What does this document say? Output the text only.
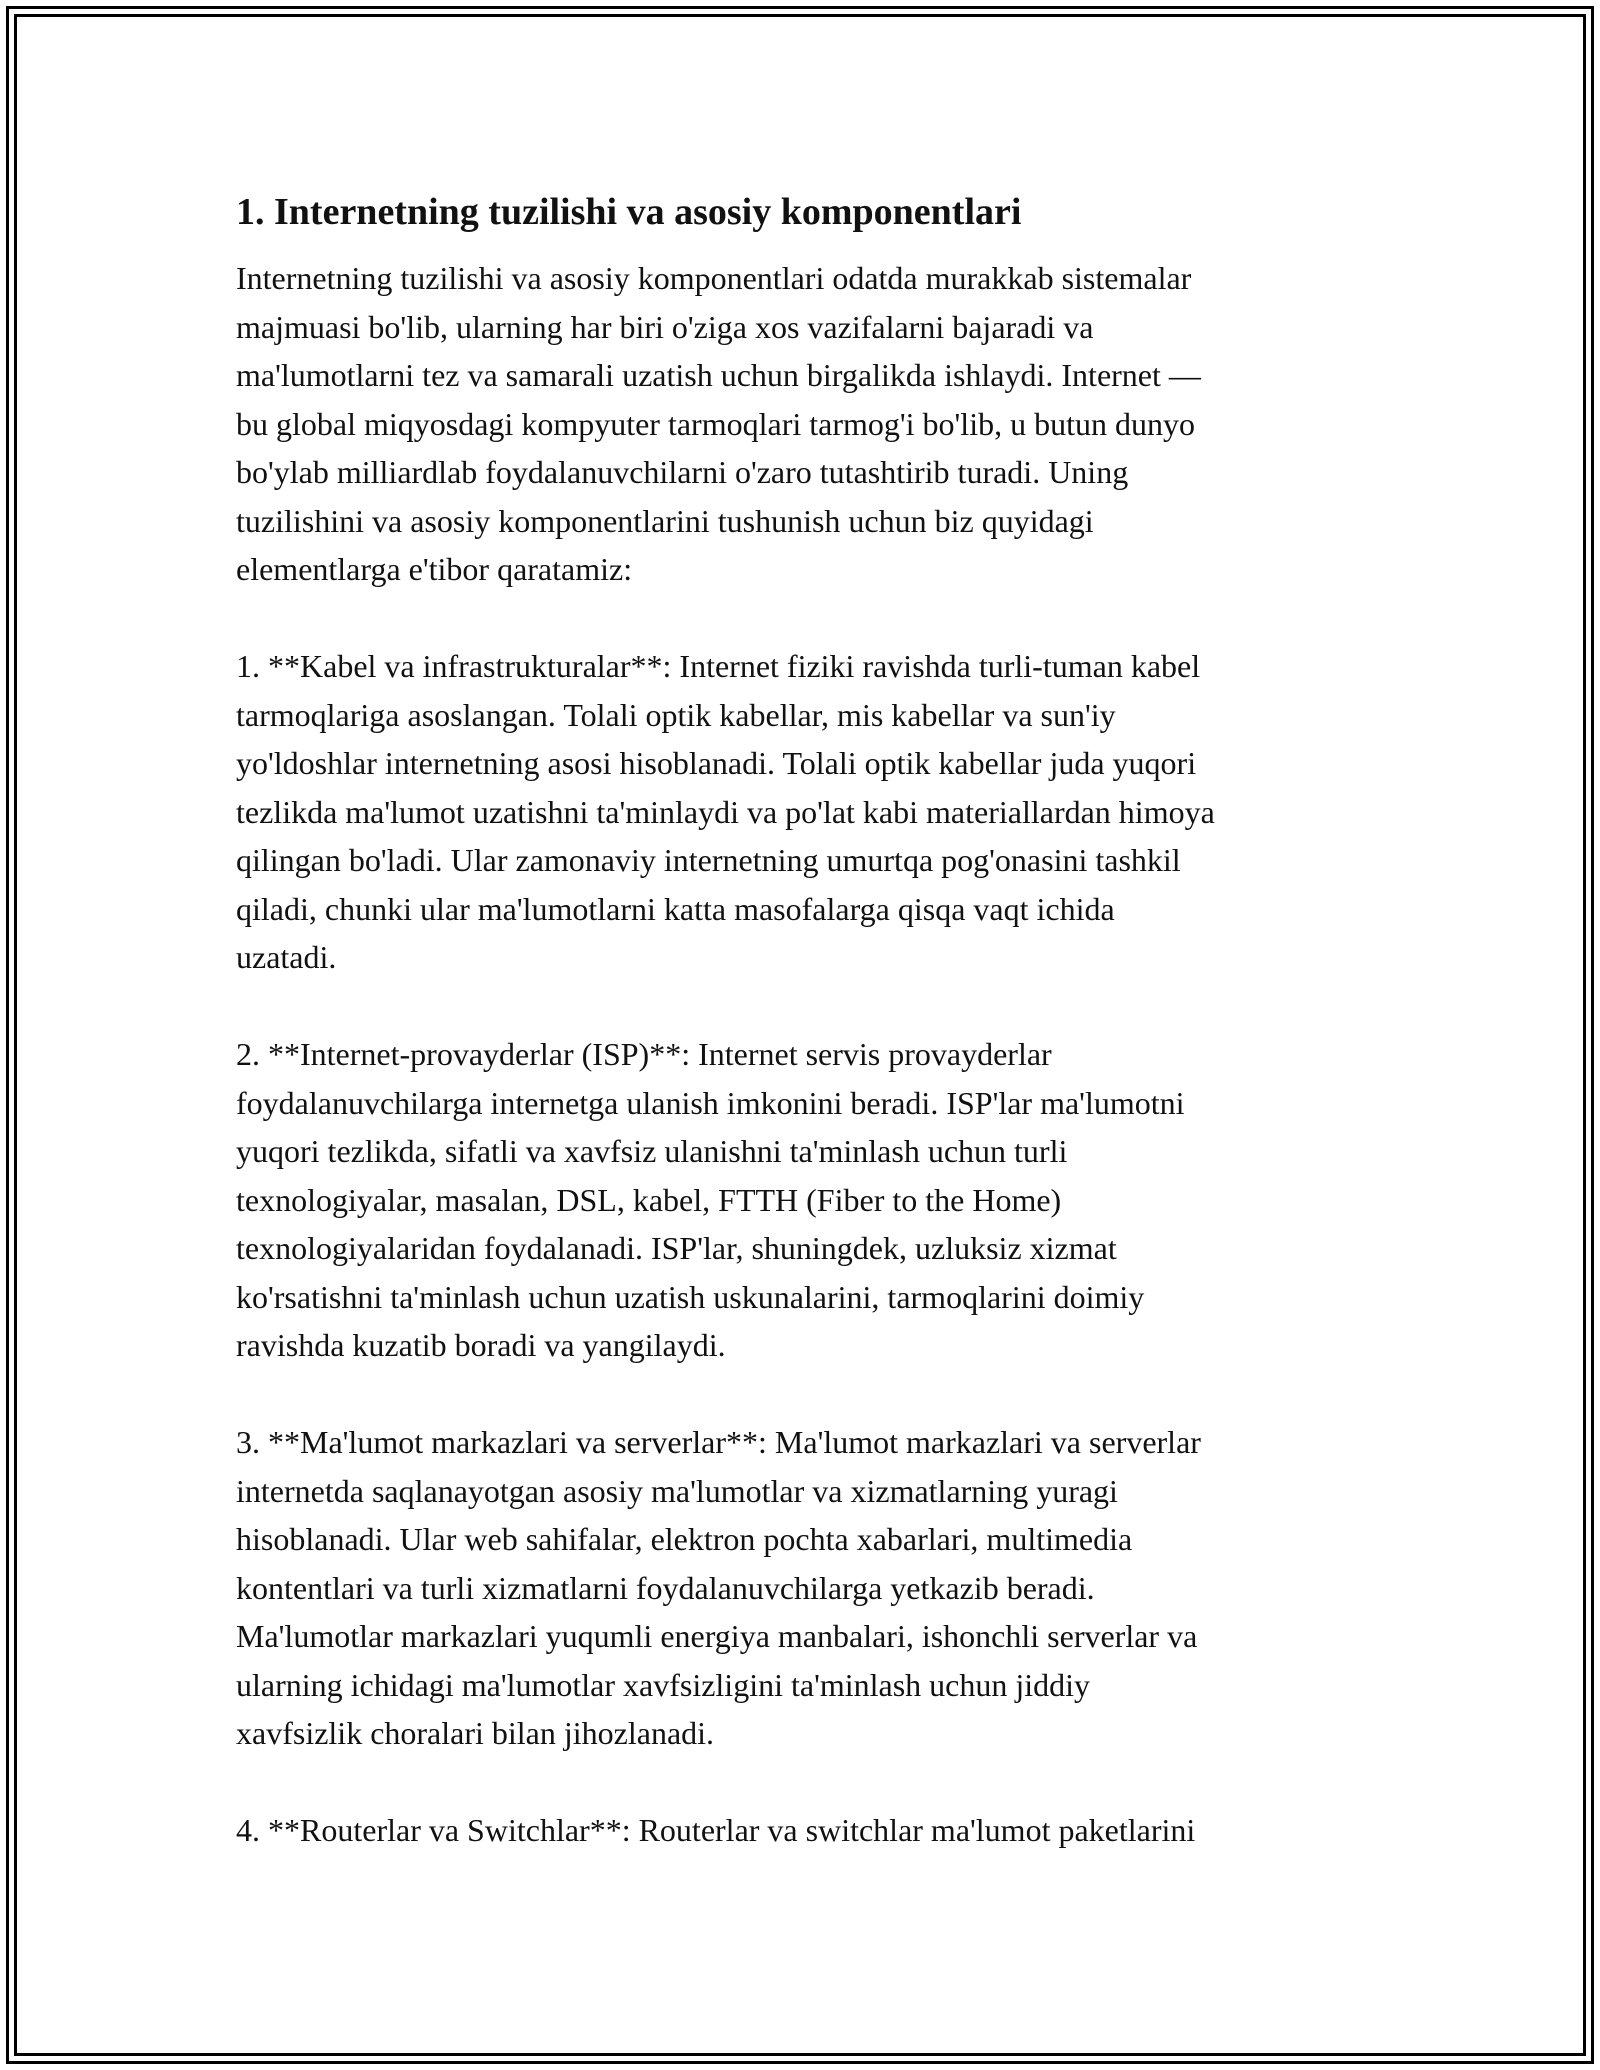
1. Internetning tuzilishi va asosiy komponentlari
Internetning tuzilishi va asosiy komponentlari odatda murakkab sistemalar
majmuasi bo'lib, ularning har biri o'ziga xos vazifalarni bajaradi va
ma'lumotlarni tez va samarali uzatish uchun birgalikda ishlaydi. Internet —
bu global miqyosdagi kompyuter tarmoqlari tarmog'i bo'lib, u butun dunyo
bo'ylab milliardlab foydalanuvchilarni o'zaro tutashtirib turadi. Uning
tuzilishini va asosiy komponentlarini tushunish uchun biz quyidagi
elementlarga e'tibor qaratamiz:
1. **Kabel va infrastrukturalar**: Internet fiziki ravishda turli-tuman kabel
tarmoqlariga asoslangan. Tolali optik kabellar, mis kabellar va sun'iy
yo'ldoshlar internetning asosi hisoblanadi. Tolali optik kabellar juda yuqori
tezlikda ma'lumot uzatishni ta'minlaydi va po'lat kabi materiallardan himoya
qilingan bo'ladi. Ular zamonaviy internetning umurtqa pog'onasini tashkil
qiladi, chunki ular ma'lumotlarni katta masofalarga qisqa vaqt ichida
uzatadi.
2. **Internet-provayderlar (ISP)**: Internet servis provayderlar
foydalanuvchilarga internetga ulanish imkonini beradi. ISP'lar ma'lumotni
yuqori tezlikda, sifatli va xavfsiz ulanishni ta'minlash uchun turli
texnologiyalar, masalan, DSL, kabel, FTTH (Fiber to the Home)
texnologiyalaridan foydalanadi. ISP'lar, shuningdek, uzluksiz xizmat
ko'rsatishni ta'minlash uchun uzatish uskunalarini, tarmoqlarini doimiy
ravishda kuzatib boradi va yangilaydi.
3. **Ma'lumot markazlari va serverlar**: Ma'lumot markazlari va serverlar
internetda saqlanayotgan asosiy ma'lumotlar va xizmatlarning yuragi
hisoblanadi. Ular web sahifalar, elektron pochta xabarlari, multimedia
kontentlari va turli xizmatlarni foydalanuvchilarga yetkazib beradi.
Ma'lumotlar markazlari yuqumli energiya manbalari, ishonchli serverlar va
ularning ichidagi ma'lumotlar xavfsizligini ta'minlash uchun jiddiy
xavfsizlik choralari bilan jihozlanadi.
4. **Routerlar va Switchlar**: Routerlar va switchlar ma'lumot paketlarini
